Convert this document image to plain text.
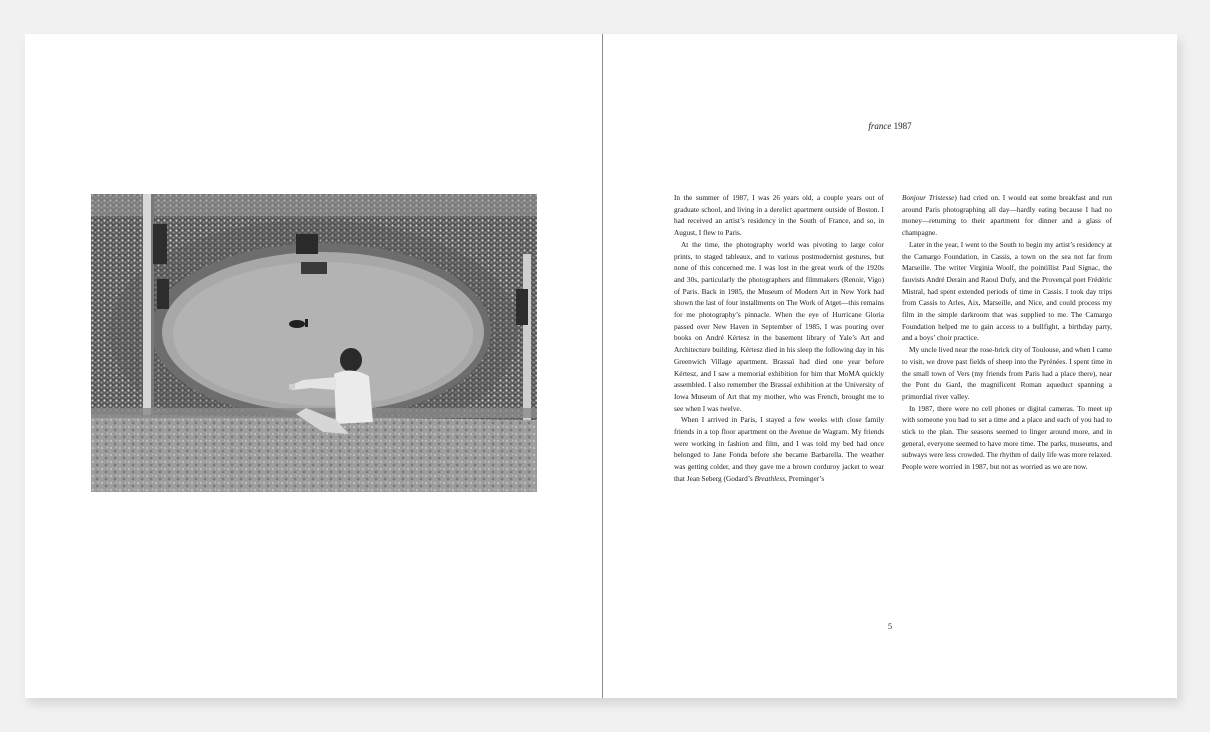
france 1987

In the summer of 1987, I was 26 years old, a couple years out of graduate school, and living in a derelict apartment outside of Boston. I had received an artist’s residency in the South of France, and so, in August, I flew to Paris.

At the time, the photography world was pivoting to large color prints, to staged tableaux, and to various postmodernist gestures, but none of this concerned me. I was lost in the great work of the 1920s and 30s, particularly the photographers and filmmakers (Renoir, Vigo) of Paris. Back in 1985, the Museum of Modern Art in New York had shown the last of four installments on The Work of Atget—this remains for me photography’s pinnacle. When the eye of Hurricane Gloria passed over New Haven in September of 1985, I was pouring over books on André Kértesz in the basement library of Yale’s Art and Architecture building. Kértesz died in his sleep the following day in his Greenwich Village apartment. Brassaï had died one year before Kértesz, and I saw a memorial exhibition for him that MoMA quickly assembled. I also remember the Brassaï exhibition at the University of Iowa Museum of Art that my mother, who was French, brought me to see when I was twelve.

When I arrived in Paris, I stayed a few weeks with close family friends in a top floor apartment on the Avenue de Wagram. My friends were working in fashion and film, and I was told my bed had once belonged to Jane Fonda before she became Barbarella. The weather was getting colder, and they gave me a brown corduroy jacket to wear that Jean Seberg (Godard’s Breathless, Preminger’s

Bonjour Tristesse) had cried on. I would eat some breakfast and run around Paris photographing all day—hardly eating because I had no money—returning to their apartment for dinner and a glass of champagne.

Later in the year, I went to the South to begin my artist’s residency at the Camargo Foundation, in Cassis, a town on the sea not far from Marseille. The writer Virginia Woolf, the pointillist Paul Signac, the fauvists André Derain and Raoul Dufy, and the Provençal poet Frédéric Mistral, had spent extended periods of time in Cassis. I took day trips from Cassis to Arles, Aix, Marseille, and Nice, and could process my film in the simple darkroom that was supplied to me. The Camargo Foundation helped me to gain access to a bullfight, a birthday party, and a boys’ choir practice.

My uncle lived near the rose-brick city of Toulouse, and when I came to visit, we drove past fields of sheep into the Pyrénées. I spent time in the small town of Vers (my friends from Paris had a place there), near the Pont du Gard, the magnificent Roman aqueduct spanning a primordial river valley.

In 1987, there were no cell phones or digital cameras. To meet up with someone you had to set a time and a place and each of you had to stick to the plan. The seasons seemed to linger around more, and in general, everyone seemed to have more time. The parks, museums, and subways were less crowded. The rhythm of daily life was more relaxed. People were worried in 1987, but not as worried as we are now.

5
